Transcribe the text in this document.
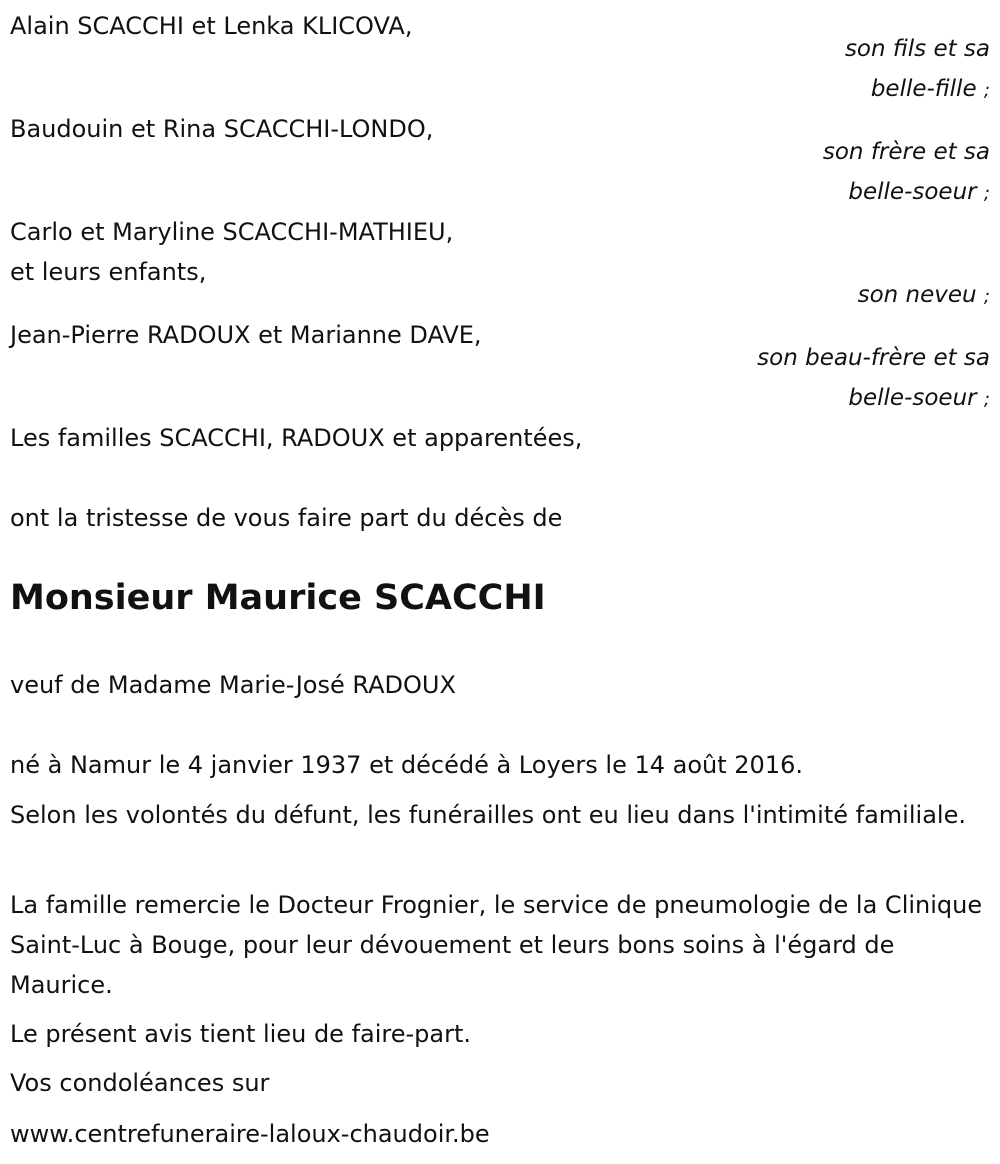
Alain SCACCHI et Lenka KLICOVA,
son fils et sa
belle-fille ;
Baudouin et Rina SCACCHI-LONDO,
son frère et sa
belle-soeur ;
Carlo et Maryline SCACCHI-MATHIEU,
et leurs enfants,
son neveu ;
Jean-Pierre RADOUX et Marianne DAVE,
son beau-frère et sa
belle-soeur ;
Les familles SCACCHI, RADOUX et apparentées,
ont la tristesse de vous faire part du décès de
Monsieur Maurice SCACCHI
veuf de Madame Marie-José RADOUX
né à Namur le 4 janvier 1937 et décédé à Loyers le 14 août 2016.
Selon les volontés du défunt, les funérailles ont eu lieu dans l'intimité familiale.
La famille remercie le Docteur Frognier, le service de pneumologie de la Clinique Saint-Luc à Bouge, pour leur dévouement et leurs bons soins à l'égard de Maurice.
Le présent avis tient lieu de faire-part.
Vos condoléances sur
www.centrefuneraire-laloux-chaudoir.be
